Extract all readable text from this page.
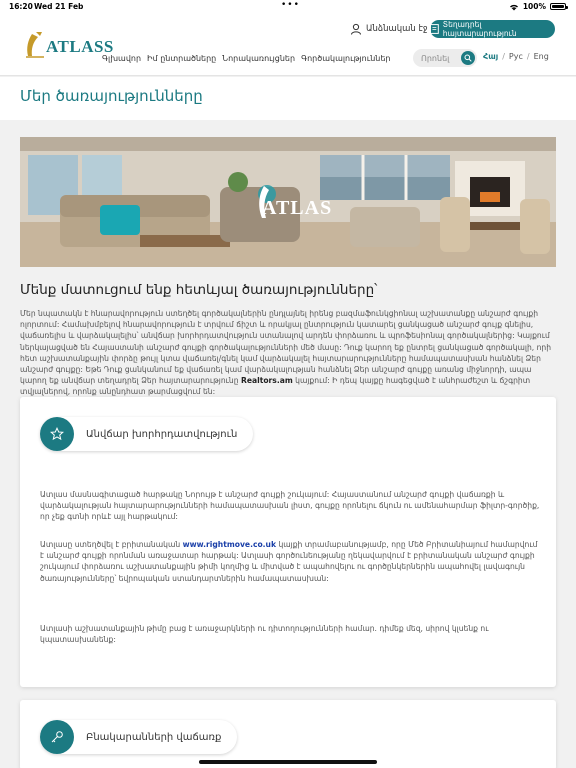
16:20 Wed 21 Feb	•••	100%
ATLASS
Անձնական էջ Տեղադրել հայտարարություն
Գլխավոր Իմ ընտրածները Նորակառույցներ Գործակալություններ
Որոնել	Հայ / Рус / Eng
Մեր ծառայությունները
ATLAS
Մենք մատուցում ենք հետևյալ ծառայությունները՝
Մեր նպատակն է հնարավորություն ստեղծել գործակալներին ընդլայնել իրենց բազմաֆունկցիոնալ աշխատանքը անշարժ գույքի ոլորտում: Համախմբելով հնարավորություն է տրվում ճիշտ և որակյալ ընտրություն կատարել ցանկացած անշարժ գույք գնելիս, վաճառելիս և վարձակալելիս՝ անվճար խորհրդատվություն ստանալով արդեն փորձառու և պրոֆեսիոնալ գործակալներից: Կայքում ներկայացված են Հայաստանի անշարժ գույքի գործակալությունների մեծ մասը: Դուք կարող եք ընտրել ցանկացած գործակալի, որի հետ աշխատանքային փորձը թույլ կտա վաճառել/գնել կամ վարձակալել հայտարարությունները համապատասխան հանձնել Ձեր անշարժ գույքը: Եթե Դուք ցանկանում եք վաճառել կամ վարձակալության հանձնել Ձեր անշարժ գույքը առանց միջնորդի, ապա կարող եք անվճար տեղադրել Ձեր հայտարարությունը Realtors.am կայքում: Ի դեպ կայքը հագեցված է անհրաժեշտ և ճշգրիտ տվյալներով, որոնք անընդհատ թարմացվում են:
Անվճար խորհրդատվություն

Ատլաս մասնագիտացած հարթակը Նորույթ է անշարժ գույքի շուկայում: Հայաստանում անշարժ գույքի վաճառքի և վարձակալության հայտարարությունների համապատասխան լիստ, գույքը որոնելու ճկուն ու ամենահարմար ֆիլտր-գործիք, որ չեք գտնի որևէ այլ հարթակում:

Ատլասը ստեղծվել է բրիտանական www.rightmove.co.uk կայքի տրամաբանությամբ, որը Մեծ Բրիտանիայում համարվում է անշարժ գույքի որոնման առաջատար հարթակ: Ատլասի գործունեությանը ղեկավարվում է բրիտանական անշարժ գույքի շուկայում փորձառու աշխատանքային թիմի կողմից և միտված է ապահովելու ու գործընկերներին ապահովել լավագույն ծառայությունները՝ եվրոպական ստանդարտներին համապատասխան:

Ատլասի աշխատանքային թիմը բաց է առաջարկների ու դիտողությունների համար. դիմեք մեզ, սիրով կլսենք ու կպատասխանենք:

Բնակարանների վաճառք
